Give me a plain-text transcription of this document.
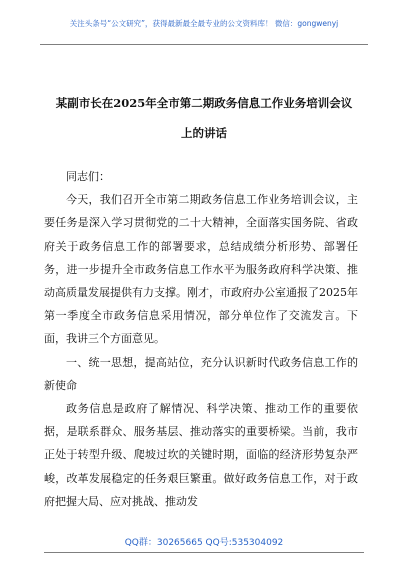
关注头条号“公文研究”，获得最新最全最专业的公文资料库！ 微信：gongwenyj
某副市长在2025年全市第二期政务信息工作业务培训会议
上的讲话

同志们：

今天，我们召开全市第二期政务信息工作业务培训会议，主要任务是深入学习贯彻党的二十大精神，全面落实国务院、省政府关于政务信息工作的部署要求，总结成绩分析形势、部署任务，进一步提升全市政务信息工作水平为服务政府科学决策、推动高质量发展提供有力支撑。刚才，市政府办公室通报了2025年第一季度全市政务信息采用情况，部分单位作了交流发言。下面，我讲三个方面意见。

一、统一思想，提高站位，充分认识新时代政务信息工作的新使命

政务信息是政府了解情况、科学决策、推动工作的重要依据，是联系群众、服务基层、推动落实的重要桥梁。当前，我市正处于转型升级、爬坡过坎的关键时期，面临的经济形势复杂严峻，改革发展稳定的任务艰巨繁重。做好政务信息工作，对于政府把握大局、应对挑战、推动发

QQ群：30265665 QQ号:535304092
